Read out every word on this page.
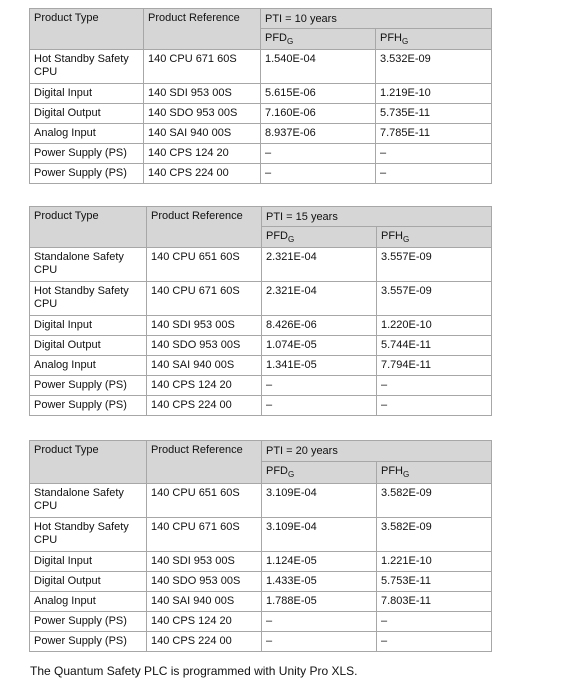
Product Type	Product Reference	PTI = 10 years	
		$PFD_G$	$PFH_G$
Hot Standby Safety CPU	140 CPU 671 60S	1.540E-04	3.532E-09
Digital Input	140 SDI 953 00S	5.615E-06	1.219E-10
Digital Output	140 SDO 953 00S	7.160E-06	5.735E-11
Analog Input	140 SAI 940 00S	8.937E-06	7.785E-11
Power Supply (PS)	140 CPS 124 20	–	–
Power Supply (PS)	140 CPS 224 00	–	–
Product Type	Product Reference	PTI = 15 years	
		$PFD_G$	$PFH_G$
Standalone Safety CPU	140 CPU 651 60S	2.321E-04	3.557E-09
Hot Standby Safety CPU	140 CPU 671 60S	2.321E-04	3.557E-09
Digital Input	140 SDI 953 00S	8.426E-06	1.220E-10
Digital Output	140 SDO 953 00S	1.074E-05	5.744E-11
Analog Input	140 SAI 940 00S	1.341E-05	7.794E-11
Power Supply (PS)	140 CPS 124 20	–	–
Power Supply (PS)	140 CPS 224 00	–	–
Product Type	Product Reference	PTI = 20 years	
		$PFD_G$	$PFH_G$
Standalone Safety CPU	140 CPU 651 60S	3.109E-04	3.582E-09
Hot Standby Safety CPU	140 CPU 671 60S	3.109E-04	3.582E-09
Digital Input	140 SDI 953 00S	1.124E-05	1.221E-10
Digital Output	140 SDO 953 00S	1.433E-05	5.753E-11
Analog Input	140 SAI 940 00S	1.788E-05	7.803E-11
Power Supply (PS)	140 CPS 124 20	–	–
Power Supply (PS)	140 CPS 224 00	–	–

The Quantum Safety PLC is programmed with Unity Pro XLS.
